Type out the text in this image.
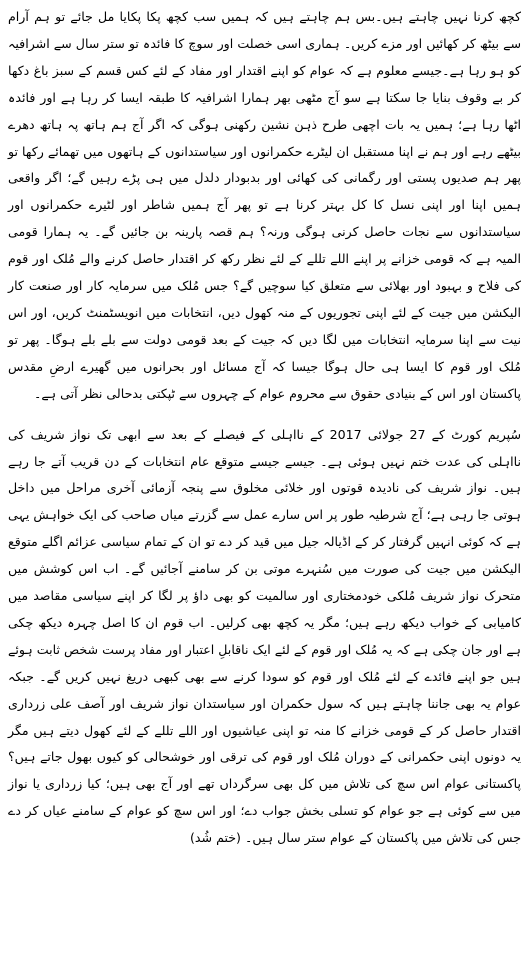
کچھ کرنا نہیں چاہتے ہیں۔بس ہم چاہتے ہیں کہ ہمیں سب کچھ پکا پکایا مل جائے تو ہم آرام سے بیٹھ کر کھائیں اور مزے کریں۔ ہماری اسی خصلت اور سوچ کا فائدہ تو ستر سال سے اشرافیہ کو ہو رہا ہے۔جیسے معلوم ہے کہ عوام کو اپنے اقتدار اور مفاد کے لئے کس قسم کے سبز باغ دکھا کر بے وقوف بنایا جا سکتا ہے سو آج مٹھی بھر ہمارا اشرافیہ کا طبقہ ایسا کر رہا ہے اور فائدہ اٹھا رہا ہے؛ ہمیں یہ بات اچھی طرح ذہن نشین رکھنی ہوگی کہ اگر آج ہم ہاتھ پہ ہاتھ دھرے بیٹھے رہے اور ہم نے اپنا مستقبل ان لیٹرے حکمرانوں اور سیاستدانوں کے ہاتھوں میں تھمائے رکھا تو پھر ہم صدیوں پستی اور رگمانی کی کھائی اور بدبودار دلدل میں ہی پڑے رہیں گے؛ اگر واقعی ہمیں اپنا اور اپنی نسل کا کل بہتر کرنا ہے تو پھر آج ہمیں شاطر اور لٹیرے حکمرانوں اور سیاستدانوں سے نجات حاصل کرنی ہوگی ورنہ؟ ہم قصہ پارینہ بن جائیں گے۔ یہ ہمارا قومی المیہ ہے کہ قومی خزانے پر اپنے اللے تللے کے لئے نظر رکھ کر اقتدار حاصل کرنے والے مُلک اور قوم کی فلاح و بہبود اور بھلائی سے متعلق کیا سوچیں گے؟ جس مُلک میں سرمایہ کار اور صنعت کار الیکشن میں جیت کے لئے اپنی تجوریوں کے منہ کھول دیں، انتخابات میں انویسٹمنٹ کریں، اور اس نیت سے اپنا سرمایہ انتخابات میں لگا دیں کہ جیت کے بعد قومی دولت سے بلے بلے ہوگا۔ پھر تو مُلک اور قوم کا ایسا ہی حال ہوگا جیسا کہ آج مسائل اور بحرانوں میں گھیرے ارضِ مقدس پاکستان اور اس کے بنیادی حقوق سے محروم عوام کے چہروں سے ٹپکتی بدحالی نظر آتی ہے۔

سُپریم کورٹ کے 27 جولائی 2017 کے نااہلی کے فیصلے کے بعد سے ابھی تک نواز شریف کی نااہلی کی عدت ختم نہیں ہوئی ہے۔ جیسے جیسے متوقع عام انتخابات کے دن قریب آتے جا رہے ہیں۔ نواز شریف کی نادیدہ قوتوں اور خلائی مخلوق سے پنجہ آزمائی آخری مراحل میں داخل ہوتی جا رہی ہے؛ آج شرطیہ طور پر اس سارے عمل سے گزرتے میاں صاحب کی ایک خواہش یہی ہے کہ کوئی انہیں گرفتار کر کے اڈیالہ جیل میں قید کر دے تو ان کے تمام سیاسی عزائم اگلے متوقع الیکشن میں جیت کی صورت میں سُنہرے موتی بن کر سامنے آجائیں گے۔ اب اس کوشش میں متحرک نواز شریف مُلکی خودمختاری اور سالمیت کو بھی داؤ پر لگا کر اپنے سیاسی مقاصد میں کامیابی کے خواب دیکھ رہے ہیں؛ مگر یہ کچھ بھی کرلیں۔ اب قوم ان کا اصل چہرہ دیکھ چکی ہے اور جان چکی ہے کہ یہ مُلک اور قوم کے لئے ایک ناقابلِ اعتبار اور مفاد پرست شخص ثابت ہوئے ہیں جو اپنے فائدے کے لئے مُلک اور قوم کو سودا کرنے سے بھی کبھی دریغ نہیں کریں گے۔ جبکہ عوام یہ بھی جاننا چاہتے ہیں کہ سول حکمران اور سیاستدان نواز شریف اور آصف علی زرداری اقتدار حاصل کر کے قومی خزانے کا منہ تو اپنی عیاشیوں اور اللے تللے کے لئے کھول دیتے ہیں مگر یہ دونوں اپنی حکمرانی کے دوران مُلک اور قوم کی ترقی اور خوشحالی کو کیوں بھول جاتے ہیں؟ پاکستانی عوام اس سچ کی تلاش میں کل بھی سرگرداں تھے اور آج بھی ہیں؛ کیا زرداری یا نواز میں سے کوئی ہے جو عوام کو تسلی بخش جواب دے؛ اور اس سچ کو عوام کے سامنے عیاں کر دے جس کی تلاش میں پاکستان کے عوام ستر سال ہیں۔ (ختم شُد)
